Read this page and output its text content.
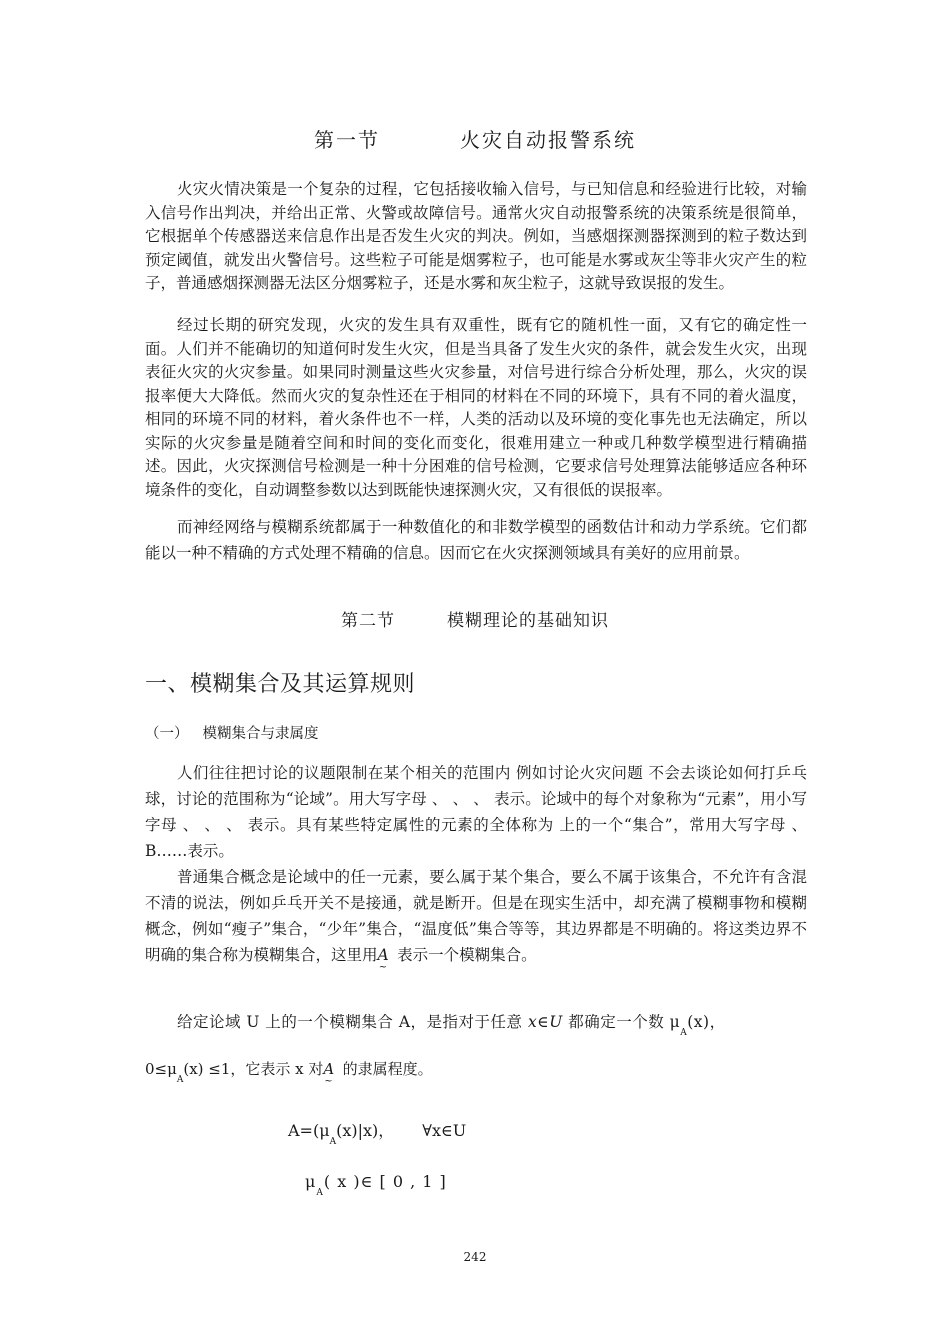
第一节	火灾自动报警系统

火灾火情决策是一个复杂的过程，它包括接收输入信号，与已知信息和经验进行比较，对输入信号作出判决，并给出正常、火警或故障信号。通常火灾自动报警系统的决策系统是很简单，它根据单个传感器送来信息作出是否发生火灾的判决。例如，当感烟探测器探测到的粒子数达到预定阈值，就发出火警信号。这些粒子可能是烟雾粒子，也可能是水雾或灰尘等非火灾产生的粒子，普通感烟探测器无法区分烟雾粒子，还是水雾和灰尘粒子，这就导致误报的发生。

经过长期的研究发现，火灾的发生具有双重性，既有它的随机性一面，又有它的确定性一面。人们并不能确切的知道何时发生火灾，但是当具备了发生火灾的条件，就会发生火灾，出现表征火灾的火灾参量。如果同时测量这些火灾参量，对信号进行综合分析处理，那么，火灾的误报率便大大降低。然而火灾的复杂性还在于相同的材料在不同的环境下，具有不同的着火温度，相同的环境不同的材料，着火条件也不一样，人类的活动以及环境的变化事先也无法确定，所以实际的火灾参量是随着空间和时间的变化而变化，很难用建立一种或几种数学模型进行精确描述。因此，火灾探测信号检测是一种十分困难的信号检测，它要求信号处理算法能够适应各种环境条件的变化，自动调整参数以达到既能快速探测火灾，又有很低的误报率。

而神经网络与模糊系统都属于一种数值化的和非数学模型的函数估计和动力学系统。它们都能以一种不精确的方式处理不精确的信息。因而它在火灾探测领域具有美好的应用前景。

第二节	模糊理论的基础知识
一、模糊集合及其运算规则
（一） 模糊集合与隶属度

人们往往把讨论的议题限制在某个相关的范围内 例如讨论火灾问题 不会去谈论如何打乒乓球，讨论的范围称为“论域”。用大写字母 、 、 、 表示。论域中的每个对象称为“元素”，用小写字母 、 、 、 表示。具有某些特定属性的元素的全体称为 上的一个“集合”，常用大写字母 、B……表示。

普通集合概念是论域中的任一元素，要么属于某个集合，要么不属于该集合，不允许有含混不清的说法，例如乒乓开关不是接通，就是断开。但是在现实生活中，却充满了模糊事物和模糊概念，例如“瘦子”集合，“少年”集合，“温度低”集合等等，其边界都是不明确的。将这类边界不明确的集合称为模糊集合，这里用$A_\sim$表示一个模糊集合。

给定论域 U 上的一个模糊集合 A，是指对于任意 x∈U 都确定一个数 $\mu_A(x)$，
$0\le\mu_A(x) \le 1$，它表示 x 对$A_\sim$的隶属程度。
$A=(\mu_A(x)|x)$， ∀x∈U
$\mu_A$( x )∈ [ 0 , 1 ]
242
